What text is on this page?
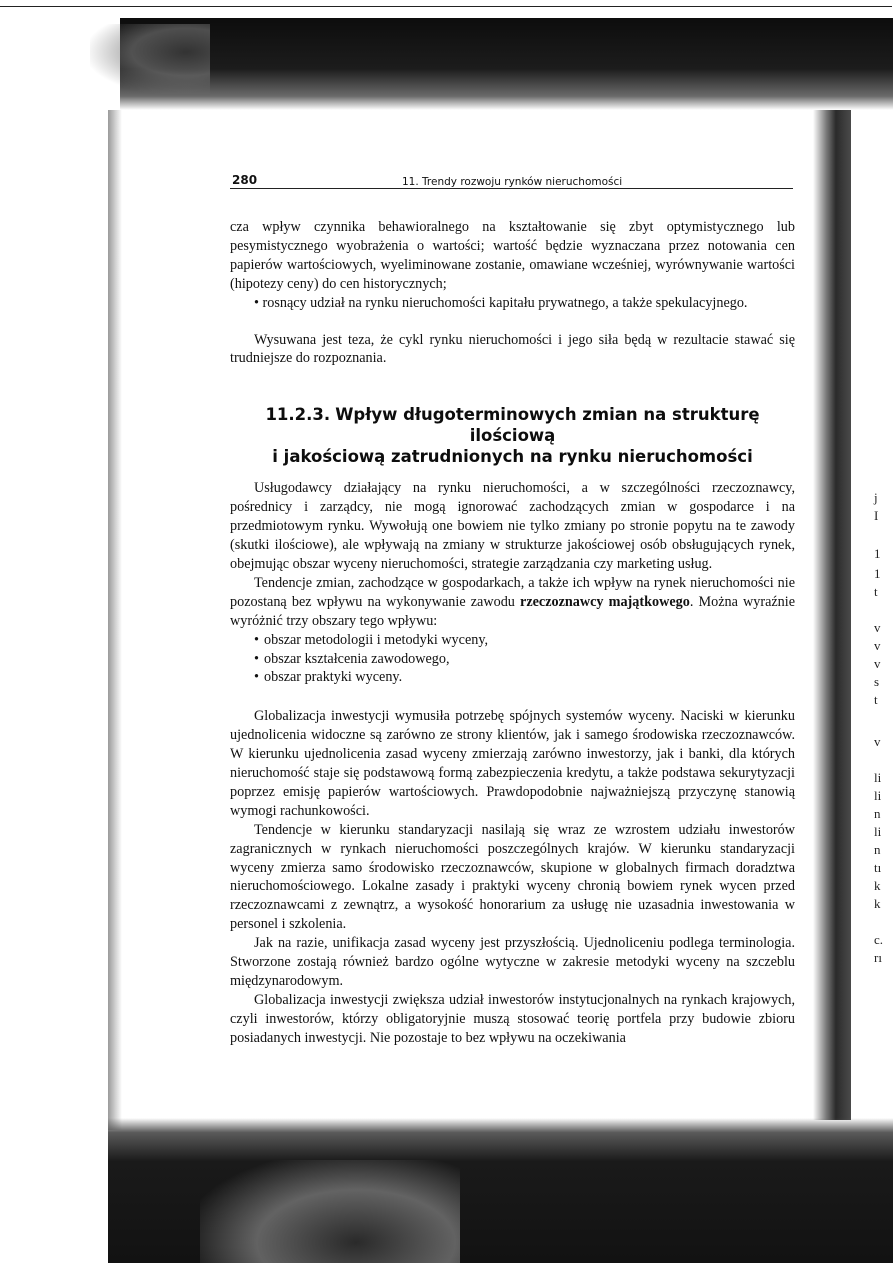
j
I
1
1
t
v
v
v
s
t
v
li
li
n
li
n
tı
k
k
c.
rı
280	11. Trendy rozwoju rynków nieruchomości

cza wpływ czynnika behawioralnego na kształtowanie się zbyt optymistycznego lub pesymistycznego wyobrażenia o wartości; wartość będzie wyznaczana przez notowania cen papierów wartościowych, wyeliminowane zostanie, omawiane wcześniej, wyrównywanie wartości (hipotezy ceny) do cen historycznych;

• rosnący udział na rynku nieruchomości kapitału prywatnego, a także spekulacyjnego.

Wysuwana jest teza, że cykl rynku nieruchomości i jego siła będą w rezultacie stawać się trudniejsze do rozpoznania.

11.2.3. Wpływ długoterminowych zmian na strukturę ilościową
i jakościową zatrudnionych na rynku nieruchomości

Usługodawcy działający na rynku nieruchomości, a w szczególności rzeczoznawcy, pośrednicy i zarządcy, nie mogą ignorować zachodzących zmian w gospodarce i na przedmiotowym rynku. Wywołują one bowiem nie tylko zmiany po stronie popytu na te zawody (skutki ilościowe), ale wpływają na zmiany w strukturze jakościowej osób obsługujących rynek, obejmując obszar wyceny nieruchomości, strategie zarządzania czy marketing usług.

Tendencje zmian, zachodzące w gospodarkach, a także ich wpływ na rynek nieruchomości nie pozostaną bez wpływu na wykonywanie zawodu rzeczoznawcy majątkowego. Można wyraźnie wyróżnić trzy obszary tego wpływu:

• obszar metodologii i metodyki wyceny,
• obszar kształcenia zawodowego,
• obszar praktyki wyceny.

Globalizacja inwestycji wymusiła potrzebę spójnych systemów wyceny. Naciski w kierunku ujednolicenia widoczne są zarówno ze strony klientów, jak i samego środowiska rzeczoznawców. W kierunku ujednolicenia zasad wyceny zmierzają zarówno inwestorzy, jak i banki, dla których nieruchomość staje się podstawową formą zabezpieczenia kredytu, a także podstawa sekurytyzacji poprzez emisję papierów wartościowych. Prawdopodobnie najważniejszą przyczynę stanowią wymogi rachunkowości.

Tendencje w kierunku standaryzacji nasilają się wraz ze wzrostem udziału inwestorów zagranicznych w rynkach nieruchomości poszczególnych krajów. W kierunku standaryzacji wyceny zmierza samo środowisko rzeczoznawców, skupione w globalnych firmach doradztwa nieruchomościowego. Lokalne zasady i praktyki wyceny chronią bowiem rynek wycen przed rzeczoznawcami z zewnątrz, a wysokość honorarium za usługę nie uzasadnia inwestowania w personel i szkolenia.

Jak na razie, unifikacja zasad wyceny jest przyszłością. Ujednoliceniu podlega terminologia. Stworzone zostają również bardzo ogólne wytyczne w zakresie metodyki wyceny na szczeblu międzynarodowym.

Globalizacja inwestycji zwiększa udział inwestorów instytucjonalnych na rynkach krajowych, czyli inwestorów, którzy obligatoryjnie muszą stosować teorię portfela przy budowie zbioru posiadanych inwestycji. Nie pozostaje to bez wpływu na oczekiwania
